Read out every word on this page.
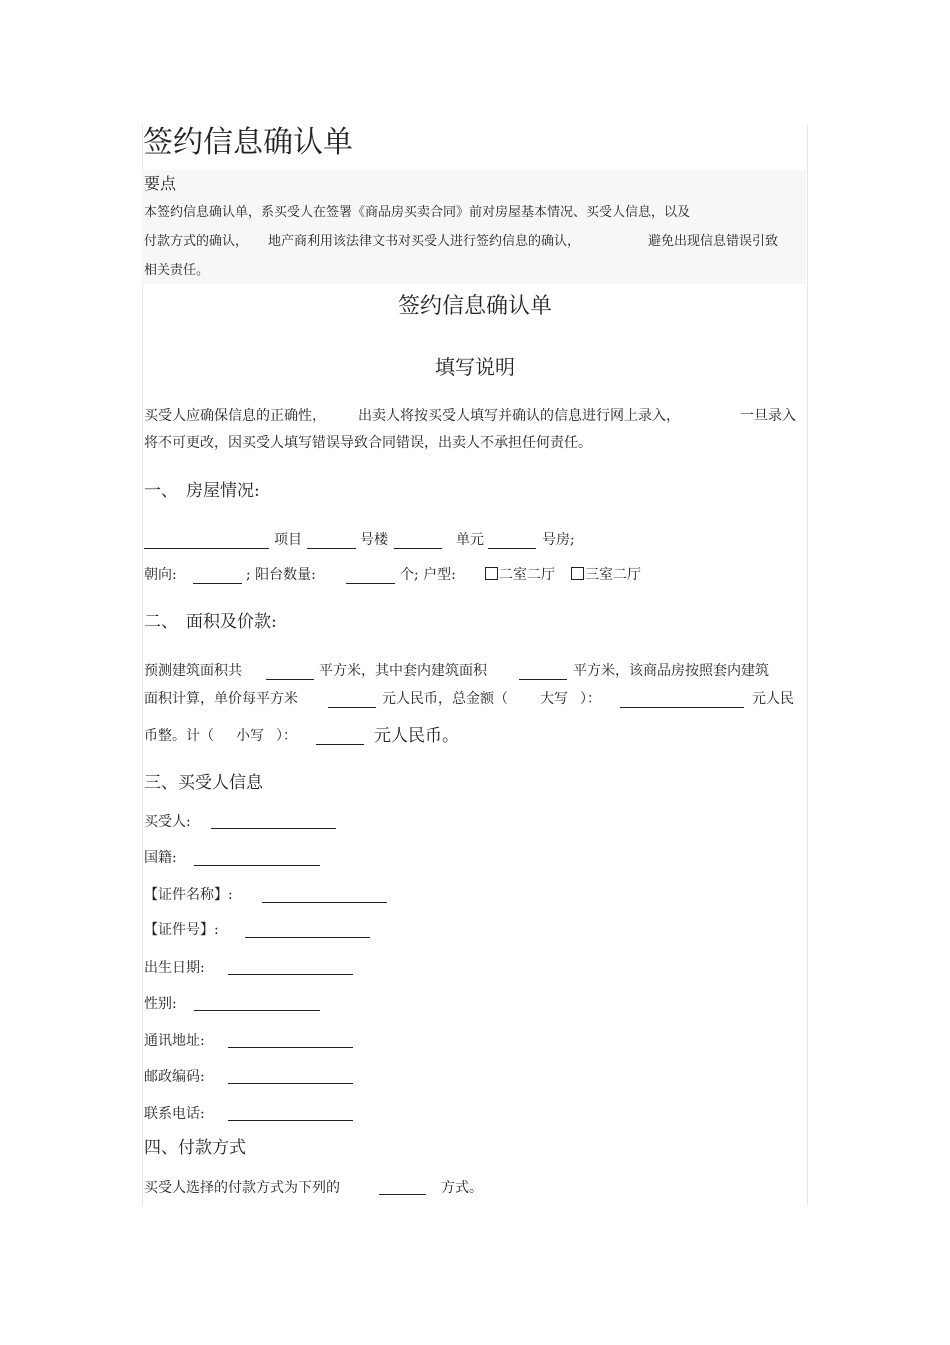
签约信息确认单
要点
本签约信息确认单，系买受人在签署《商品房买卖合同》前对房屋基本情况、买受人信息，以及
付款方式的确认， 地产商利用该法律文书对买受人进行签约信息的确认，	避免出现信息错误引致
相关责任。
签约信息确认单
填写说明
买受人应确保信息的正确性， 出卖人将按买受人填写并确认的信息进行网上录入，	一旦录入
将不可更改，因买受人填写错误导致合同错误，出卖人不承担任何责任。
一、 房屋情况:
项目	号楼	单元	号房;
朝向:	; 阳台数量:	个; 户型:	二室二厅	三室二厅
二、 面积及价款:
预测建筑面积共	平方米，其中套内建筑面积	平方米，该商品房按照套内建筑
面积计算，单价每平方米	元人民币，总金额（ 大写 ）：	元人民
币整。计（ 小写 ）：	元人民币。
三、买受人信息
买受人:
国籍:
【证件名称】:
【证件号】:
出生日期:
性别:
通讯地址:
邮政编码:
联系电话:
四、付款方式
买受人选择的付款方式为下列的	方式。
